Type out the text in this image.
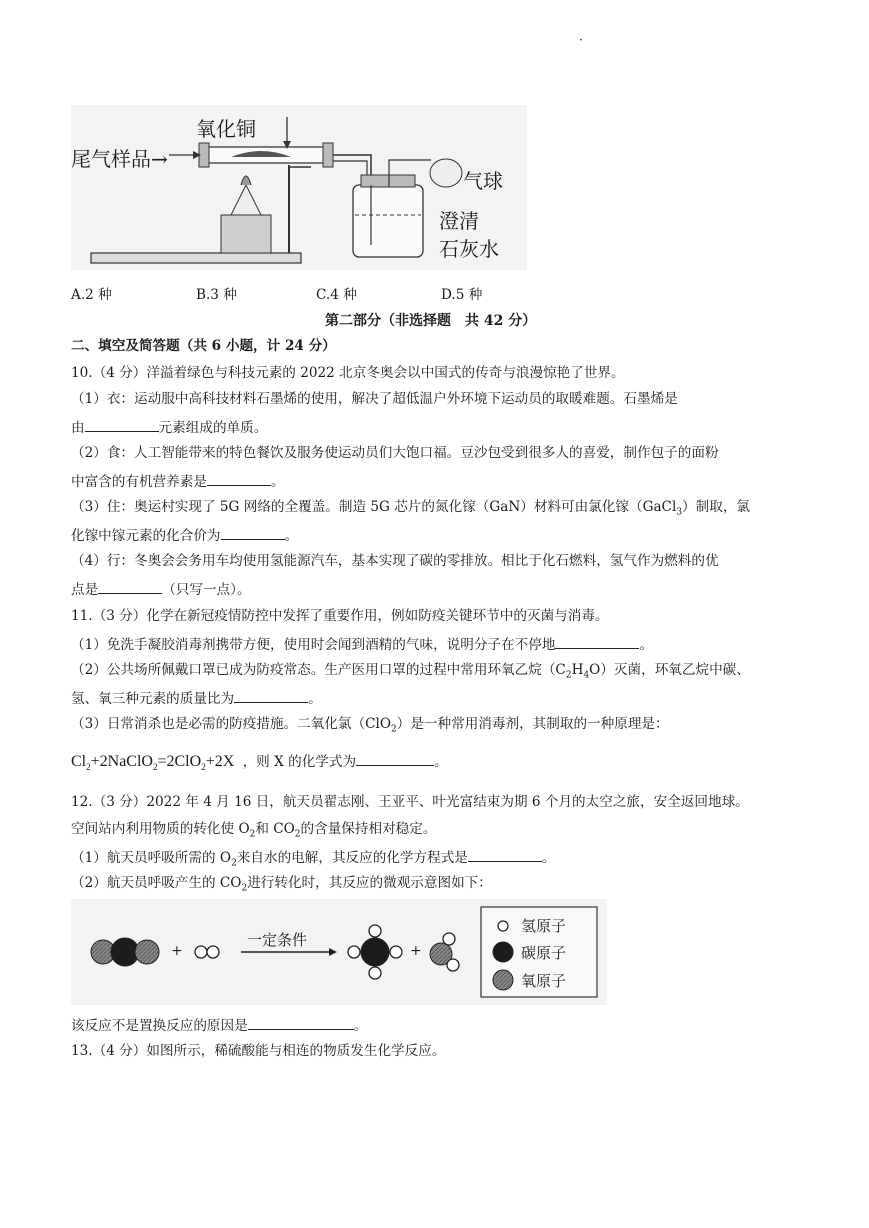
·
氧化铜
尾气样品→
气球
澄清
石灰水
A.2 种	B.3 种	C.4 种	D.5 种
第二部分（非选择题　共 42 分）
二、填空及简答题（共 6 小题，计 24 分）
10.（4 分）洋溢着绿色与科技元素的 2022 北京冬奥会以中国式的传奇与浪漫惊艳了世界。
（1）衣：运动服中高科技材料石墨烯的使用，解决了超低温户外环境下运动员的取暖难题。石墨烯是
由	元素组成的单质。
（2）食：人工智能带来的特色餐饮及服务使运动员们大饱口福。豆沙包受到很多人的喜爱，制作包子的面粉
中富含的有机营养素是	。
（3）住：奥运村实现了 5G 网络的全覆盖。制造 5G 芯片的氮化镓（GaN）材料可由氯化镓（GaCl$_3$）制取，氯
化镓中镓元素的化合价为	。
（4）行：冬奥会会务用车均使用氢能源汽车，基本实现了碳的零排放。相比于化石燃料，氢气作为燃料的优
点是	（只写一点）。
11.（3 分）化学在新冠疫情防控中发挥了重要作用，例如防疫关键环节中的灭菌与消毒。
（1）免洗手凝胶消毒剂携带方便，使用时会闻到酒精的气味，说明分子在不停地	。
（2）公共场所佩戴口罩已成为防疫常态。生产医用口罩的过程中常用环氧乙烷$(C_2H_4O)$灭菌，环氧乙烷中碳、
氢、氧三种元素的质量比为	。
（3）日常消杀也是必需的防疫措施。二氧化氯（ClO$_2$）是一种常用消毒剂，其制取的一种原理是：
$Cl_2+2NaClO_2=2ClO_2+2X$ ，则 X 的化学式为	。
12.（3 分）2022 年 4 月 16 日，航天员翟志刚、王亚平、叶光富结束为期 6 个月的太空之旅，安全返回地球。
空间站内利用物质的转化使 $O_2$和 $CO_2$的含量保持相对稳定。
（1）航天员呼吸所需的 $O_2$来自水的电解，其反应的化学方程式是	。
（2）航天员呼吸产生的 $CO_2$进行转化时，其反应的微观示意图如下：
+	+
一定条件
氢原子
碳原子
氧原子
该反应不是置换反应的原因是	。
13.（4 分）如图所示，稀硫酸能与相连的物质发生化学反应。
